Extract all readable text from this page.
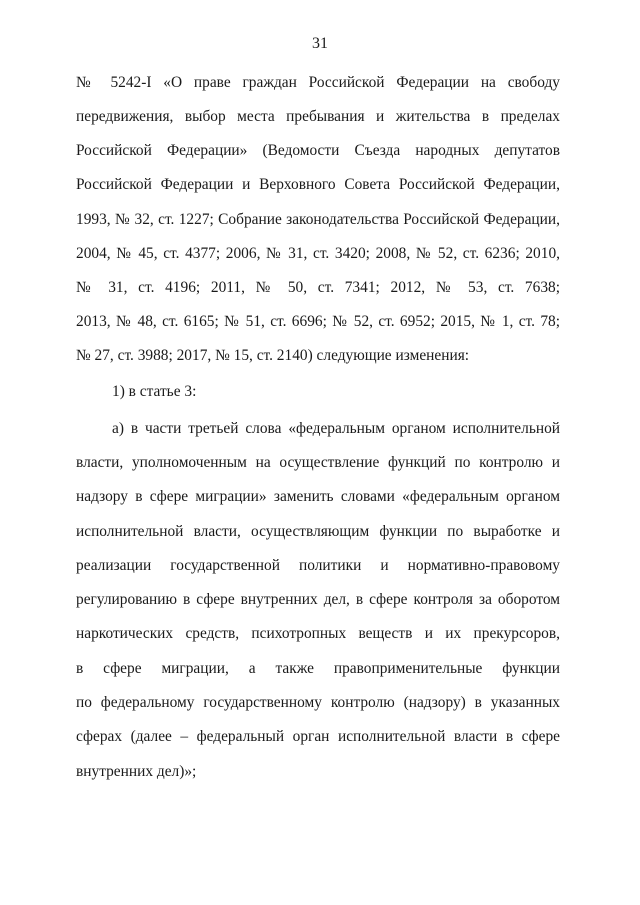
31
№ 5242-I «О праве граждан Российской Федерации на свободу
передвижения, выбор места пребывания и жительства в пределах
Российской Федерации» (Ведомости Съезда народных депутатов
Российской Федерации и Верховного Совета Российской Федерации,
1993, № 32, ст. 1227; Собрание законодательства Российской Федерации,
2004, № 45, ст. 4377; 2006, № 31, ст. 3420; 2008, № 52, ст. 6236; 2010,
№ 31, ст. 4196; 2011, № 50, ст. 7341; 2012, № 53, ст. 7638;
2013, № 48, ст. 6165; № 51, ст. 6696; № 52, ст. 6952; 2015, № 1, ст. 78;
№ 27, ст. 3988; 2017, № 15, ст. 2140) следующие изменения:
1) в статье 3:
а) в части третьей слова «федеральным органом исполнительной
власти, уполномоченным на осуществление функций по контролю и
надзору в сфере миграции» заменить словами «федеральным органом
исполнительной власти, осуществляющим функции по выработке и
реализации государственной политики и нормативно-правовому
регулированию в сфере внутренних дел, в сфере контроля за оборотом
наркотических средств, психотропных веществ и их прекурсоров,
в сфере миграции, а также правоприменительные функции
по федеральному государственному контролю (надзору) в указанных
сферах (далее – федеральный орган исполнительной власти в сфере
внутренних дел)»;
